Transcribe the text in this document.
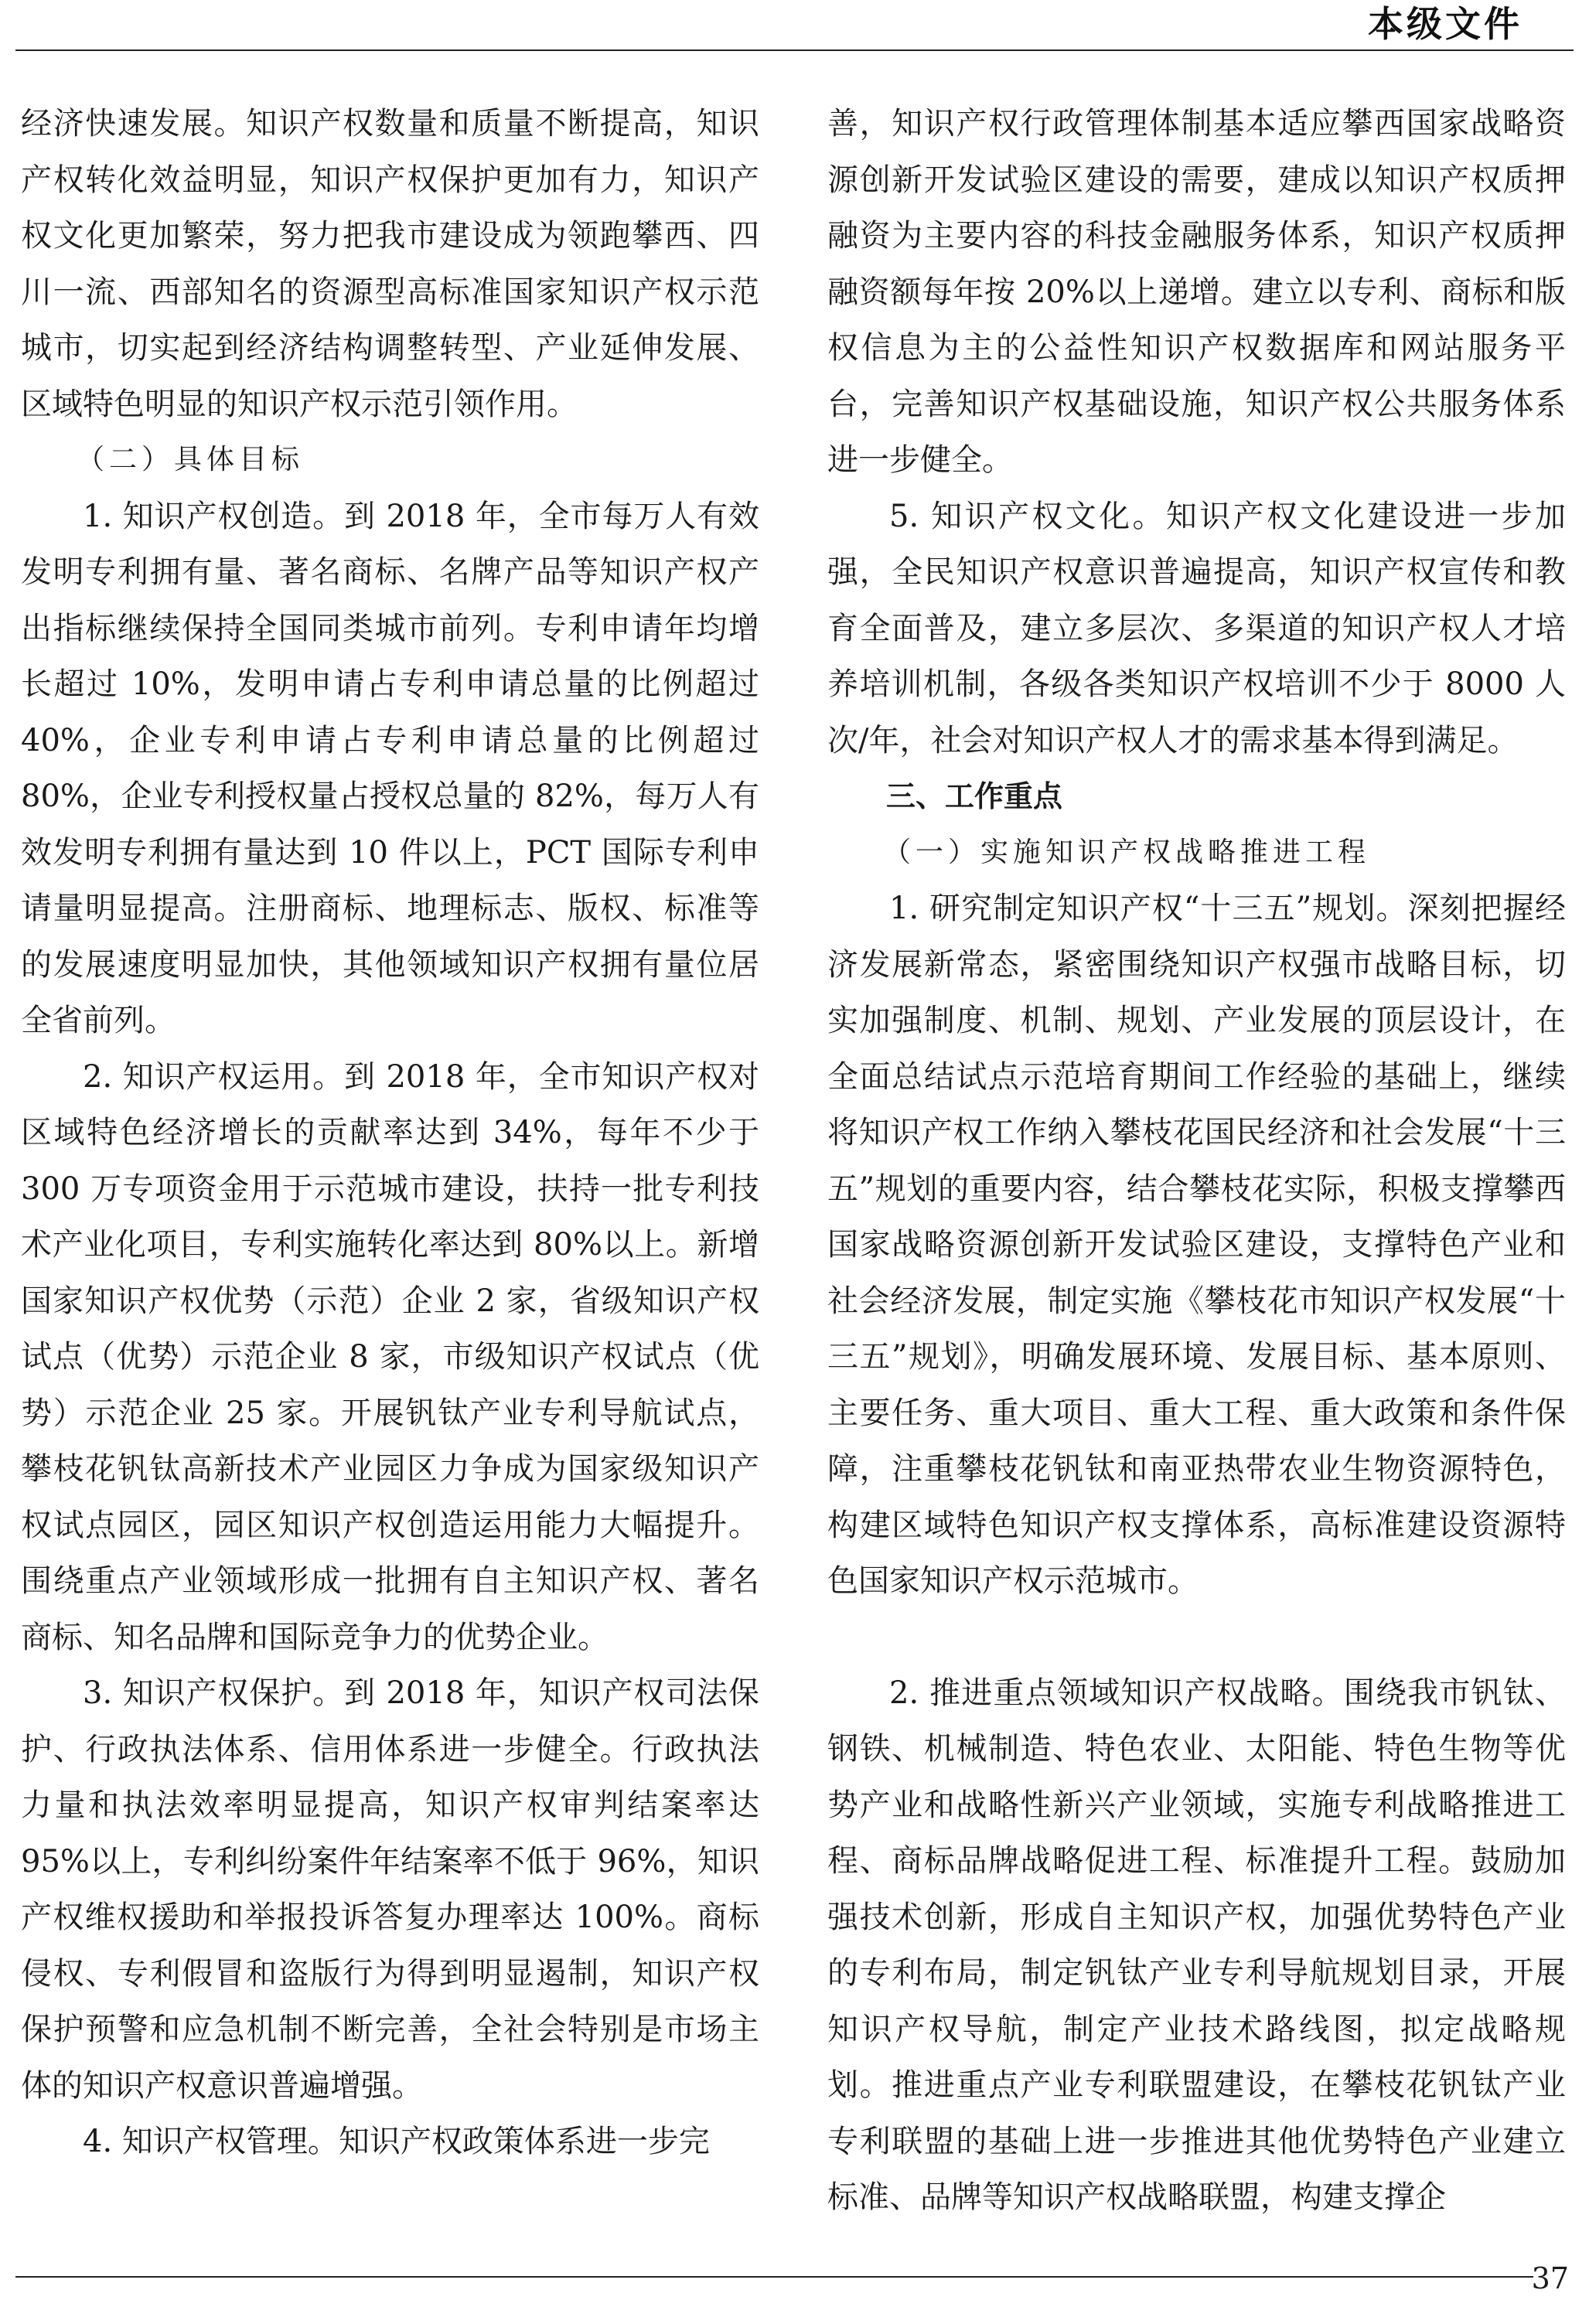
本级文件

经济快速发展。知识产权数量和质量不断提高，知识产权转化效益明显，知识产权保护更加有力，知识产权文化更加繁荣，努力把我市建设成为领跑攀西、四川一流、西部知名的资源型高标准国家知识产权示范城市，切实起到经济结构调整转型、产业延伸发展、区域特色明显的知识产权示范引领作用。

（二）具体目标

1. 知识产权创造。到 2018 年，全市每万人有效发明专利拥有量、著名商标、名牌产品等知识产权产出指标继续保持全国同类城市前列。专利申请年均增长超过 10%，发明申请占专利申请总量的比例超过 40%，企业专利申请占专利申请总量的比例超过 80%，企业专利授权量占授权总量的 82%，每万人有效发明专利拥有量达到 10 件以上，PCT 国际专利申请量明显提高。注册商标、地理标志、版权、标准等的发展速度明显加快，其他领域知识产权拥有量位居全省前列。

2. 知识产权运用。到 2018 年，全市知识产权对区域特色经济增长的贡献率达到 34%，每年不少于 300 万专项资金用于示范城市建设，扶持一批专利技术产业化项目，专利实施转化率达到 80%以上。新增国家知识产权优势（示范）企业 2 家，省级知识产权试点（优势）示范企业 8 家，市级知识产权试点（优势）示范企业 25 家。开展钒钛产业专利导航试点，攀枝花钒钛高新技术产业园区力争成为国家级知识产权试点园区，园区知识产权创造运用能力大幅提升。围绕重点产业领域形成一批拥有自主知识产权、著名商标、知名品牌和国际竞争力的优势企业。

3. 知识产权保护。到 2018 年，知识产权司法保护、行政执法体系、信用体系进一步健全。行政执法力量和执法效率明显提高，知识产权审判结案率达 95%以上，专利纠纷案件年结案率不低于 96%，知识产权维权援助和举报投诉答复办理率达 100%。商标侵权、专利假冒和盗版行为得到明显遏制，知识产权保护预警和应急机制不断完善，全社会特别是市场主体的知识产权意识普遍增强。

4. 知识产权管理。知识产权政策体系进一步完

善，知识产权行政管理体制基本适应攀西国家战略资源创新开发试验区建设的需要，建成以知识产权质押融资为主要内容的科技金融服务体系，知识产权质押融资额每年按 20%以上递增。建立以专利、商标和版权信息为主的公益性知识产权数据库和网站服务平台，完善知识产权基础设施，知识产权公共服务体系进一步健全。

5. 知识产权文化。知识产权文化建设进一步加强，全民知识产权意识普遍提高，知识产权宣传和教育全面普及，建立多层次、多渠道的知识产权人才培养培训机制，各级各类知识产权培训不少于 8000 人次/年，社会对知识产权人才的需求基本得到满足。

三、工作重点

（一）实施知识产权战略推进工程

1. 研究制定知识产权“十三五”规划。深刻把握经济发展新常态，紧密围绕知识产权强市战略目标，切实加强制度、机制、规划、产业发展的顶层设计，在全面总结试点示范培育期间工作经验的基础上，继续将知识产权工作纳入攀枝花国民经济和社会发展“十三五”规划的重要内容，结合攀枝花实际，积极支撑攀西国家战略资源创新开发试验区建设，支撑特色产业和社会经济发展，制定实施《攀枝花市知识产权发展“十三五”规划》，明确发展环境、发展目标、基本原则、主要任务、重大项目、重大工程、重大政策和条件保障，注重攀枝花钒钛和南亚热带农业生物资源特色，构建区域特色知识产权支撑体系，高标准建设资源特色国家知识产权示范城市。

2. 推进重点领域知识产权战略。围绕我市钒钛、钢铁、机械制造、特色农业、太阳能、特色生物等优势产业和战略性新兴产业领域，实施专利战略推进工程、商标品牌战略促进工程、标准提升工程。鼓励加强技术创新，形成自主知识产权，加强优势特色产业的专利布局，制定钒钛产业专利导航规划目录，开展知识产权导航，制定产业技术路线图，拟定战略规划。推进重点产业专利联盟建设，在攀枝花钒钛产业专利联盟的基础上进一步推进其他优势特色产业建立标准、品牌等知识产权战略联盟，构建支撑企

37
